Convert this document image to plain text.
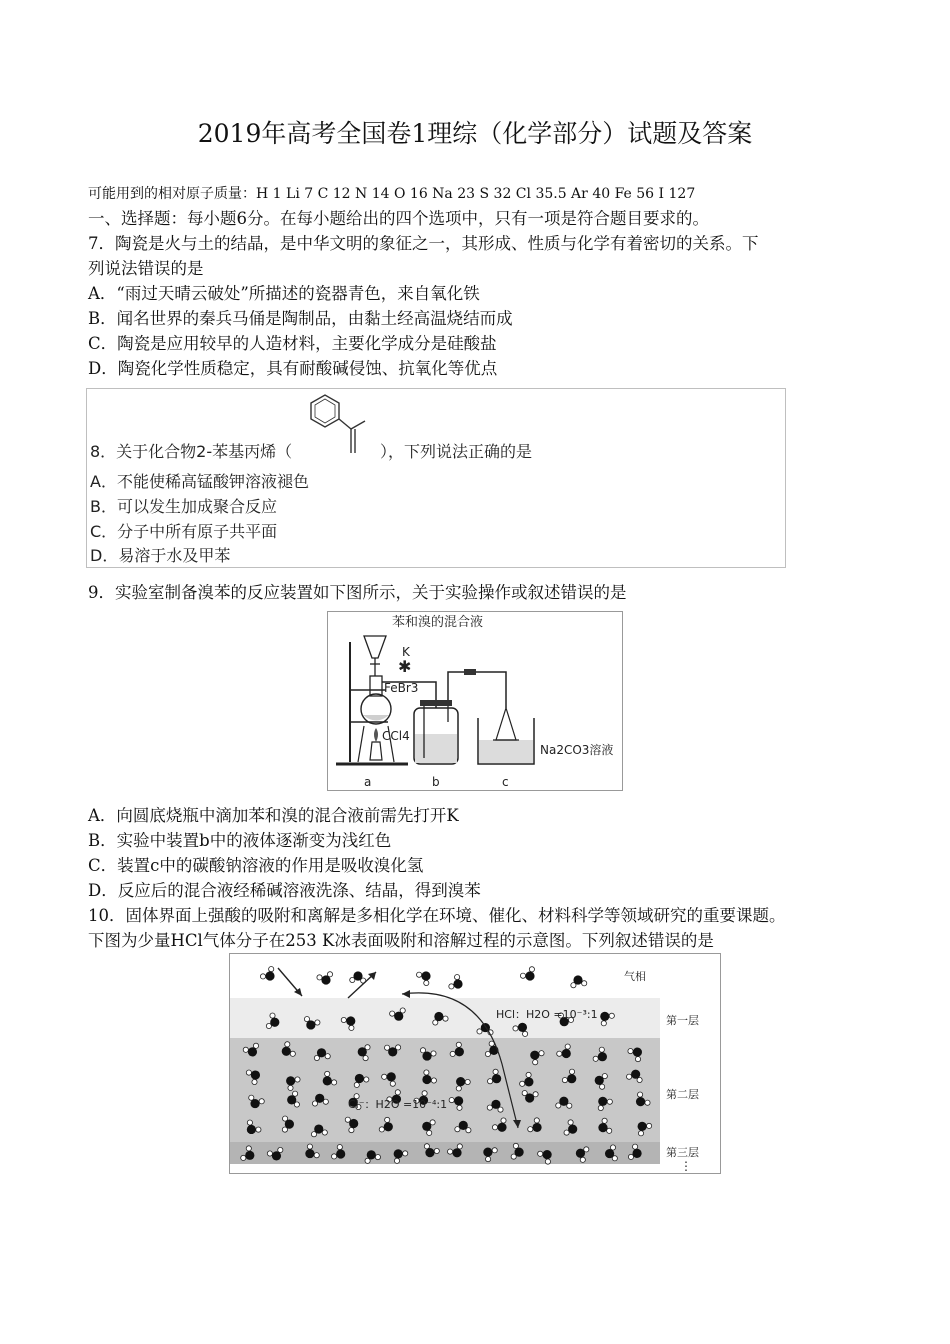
2019年高考全国卷1理综（化学部分）试题及答案
可能用到的相对原子质量：H 1 Li 7 C 12 N 14 O 16 Na 23 S 32 Cl 35.5 Ar 40 Fe 56 I 127
一、选择题：每小题6分。在每小题给出的四个选项中，只有一项是符合题目要求的。
7．陶瓷是火与土的结晶，是中华文明的象征之一，其形成、性质与化学有着密切的关系。下
列说法错误的是
A．“雨过天晴云破处”所描述的瓷器青色，来自氧化铁
B．闻名世界的秦兵马俑是陶制品，由黏土经高温烧结而成
C．陶瓷是应用较早的人造材料，主要化学成分是硅酸盐
D．陶瓷化学性质稳定，具有耐酸碱侵蚀、抗氧化等优点
8．关于化合物2-苯基丙烯（	），下列说法正确的是
A．不能使稀高锰酸钾溶液褪色
B．可以发生加成聚合反应
C．分子中所有原子共平面
D．易溶于水及甲苯
9．实验室制备溴苯的反应装置如下图所示，关于实验操作或叙述错误的是
✱
苯和溴的混合液
K
FeBr3
CCl4
Na2CO3溶液
a	b	c
A．向圆底烧瓶中滴加苯和溴的混合液前需先打开K
B．实验中装置b中的液体逐渐变为浅红色
C．装置c中的碳酸钠溶液的作用是吸收溴化氢
D．反应后的混合液经稀碱溶液洗涤、结晶，得到溴苯
10．固体界面上强酸的吸附和离解是多相化学在环境、催化、材料科学等领域研究的重要课题。
下图为少量HCl气体分子在253 K冰表面吸附和溶解过程的示意图。下列叙述错误的是
气相
HCl：H2O =10⁻³:1
Cl⁻：H2O =10⁻⁴:1
第一层
第二层
第三层
⋮
